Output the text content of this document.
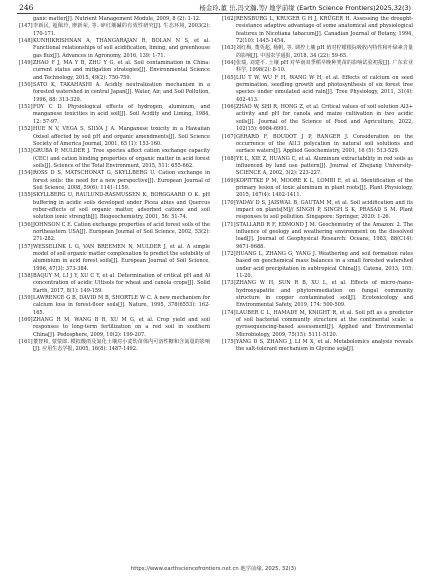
246	杨金玲,董 岳,冯文瀚,等/ 地学前缘 (Earth Science Frontiers)2025,32(3)

ganic matter[J]. Nutrient Management Module, 2009, 8 (2): 1-12.

[147] 李新民, 超佩玲, 廖新荣, 等. 碎红壤碱的有效性研究[J]. 生态环境, 2003(2): 170-171.

[148] KUNHIKRISHNAN A, THANGARAJAN R, BOLAN N S, et al. Functional relationships of soil acidification, liming, and greenhouse gas flux[J]. Advances in Agronomy, 2016, 139: 1-71.

[149] ZHAO F J, MA Y B, ZHU Y G, et al. Soil contamination in China: current status and mitigation strategies[J]. Environmental Science and Technology, 2015, 49(2): 750-759.

[150] SATO K, TAKAHASHI A. Acidity neutralization mechanism in a forested watershed in central Japan[J]. Water, Air, and Soil Pollution, 1996, 88: 313-329.

[151] FOY C D. Physiological effects of hydrogen, aluminum, and manganese toxicities in acid soil[J]. Soil Acidity and Liming, 1984, 12: 57-97.

[152] HUE N V, VEGA S, SILVA J A. Manganese toxicity in a Hawaiian Oxisol affected by soil pH and organic amendments[J]. Soil Science Society of America Journal, 2001, 65 (1): 153-160.

[153] GRUBA P, MULDER J. Tree species affect cation exchange capacity (CEC) and cation binding properties of organic matter in acid forest soils[J]. Science of the Total Environment, 2015, 511: 655-662.

[154] ROSS D S, MATSCHONAT G, SKYLLBERG U. Cation exchange in forest soils: the need for a new perspective[J]. European Journal of Soil Science, 2008, 59(6): 1141-1159.

[155] SKYLLBERG U, RAULUND-RASMUSSEN K, BORGGAARD O K. pH buffering in acidic soils developed under Picea abies and Quercus robur-effects of soil organic matter, adsorbed cations and soil solution ionic strength[J]. Biogeochemistry, 2001, 56: 51-74.

[156] JOHNSON C E. Cation exchange properties of acid forest soils of the northeastern USA[J]. European Journal of Soil Science, 2002, 53(2): 271-282.

[157] WESSELINK L G, VAN BREEMEN N, MULDER J, et al. A simple model of soil organic matter complexation to predict the solubility of aluminium in acid forest soils[J]. European Journal of Soil Science, 1996, 47(3): 373-384.

[158] BAQUY M, LI J Y, XU C Y, et al. Determination of critical pH and Al concentration of acidic Ultisols for wheat and canola crops[J]. Solid Earth, 2017, 8(1): 149-159.

[159] LAWRENCE G B, DAVID M B, SHORTLE W C. A new mechanism for calcium loss in forest-floor soils[J]. Nature, 1995, 378(6553): 162-165.

[160] ZHANG H M, WANG B R, XU M G, et al. Crop yield and soil responses to long-term fertilization on a red soil in southern China[J]. Pedosphere, 2009, 19(2): 199-207.

[161] 董智和, 蒙蒙郎. 模拟酸雨及氮化土壤对小麦幼苗体内可溶性糖和含氮量的影响[J]. 应用生态学报, 2005, 16(8): 1487-1492.

[162] RENSBURG L, KRUGER G H J, KRÜGER H. Assessing the drought-resistance adaptive advantage of some anatomical and physiological features in Nicotiana tabacum[J]. Canadian Journal of Botany, 1994, 72(10): 1445-1454.

[163] 刘红梅, 董英超, 杨帆, 等. 调控土壤 pH 值对柠檬根际吸收内特性和叶绿素含量的影响[J]. 中国农学通报, 2018, 34 (22): 59-65.

[164] 张瑞, 刘建平. 土壤 pH 对华南双季稻早晚种类苗的影响试验初报[J]. 广东农业科学, 1998(2): 8-10.

[165] LIU T W, WU F H, WANG W H, et al. Effects of calcium on seed germination, seedling growth and photosynthesis of six forest tree species under simulated acid rain[J]. Tree Physiology, 2011, 31(4): 402-413.

[166] ZHAO W, SHI R, HONG Z, et al. Critical values of soil solution Al3+ activity and pH for canola and maize cultivation in two acidic soils[J]. Journal of the Science of Food and Agriculture, 2022, 102(15): 6984-6991.

[167] GERARD F, BOUDOT J P, RANGER J. Consideration on the occurrence of the Al13 polycation in natural soil solutions and surface waters[J]. Applied Geochemistry, 2001, 16 (5): 513-529.

[168] YE L, XIE Z, HUANG C, et al. Aluminum extractability in red soils as influenced by land use pattern[J]. Journal of Zhejiang University-SCIENCE A, 2002, 3(2): 223-227.

[169] KOPITTKE P M, MOORE K L, LOMBI E, et al. Identification of the primary lesion of toxic aluminum in plant roots[J]. Plant Physiology, 2015, 167(4): 1402-1411.

[170] YADAV D S, JAISWAL B, GAUTAM M, et al. Soil acidification and its impact on plants[M]// SINGH P, SINGH S K, PRASAD S M. Plant responses to soil pollution. Singapore: Springer, 2020: 1-26.

[171] STALLARD R F, EDMOND J M. Geochemistry of the Amazon: 2. The influence of geology and weathering environment on the dissolved load[J]. Journal of Geophysical Research: Oceans, 1983, 88(C14): 9671-9688.

[172] HUANG L, ZHANG G, YANG J. Weathering and soil formation rates based on geochemical mass balances in a small forested watershed under acid precipitation in subtropical China[J]. Catena, 2013, 105: 11-20.

[173] ZHANG W H, SUN R B, XU L, et al. Effects of micro-/nano-hydroxyapatite and phytoremediation on fungal community structure in copper contaminated soil[J]. Ecotoxicology and Environmental Safety, 2019, 174: 500-509.

[174] LAUBER C L, HAMADY M, KNIGHT R, et al. Soil pH as a predictor of soil bacterial community structure at the continental scale: a pyrosequencing-based assessment[J]. Applied and Environmental Microbiology, 2009, 75(15): 5111-5120.

[175] YANG D S, ZHANG J, LI M X, et al. Metabolomics analysis reveals the salt-tolerant mechanism in Glycine soja[J].

https://www.earthsciencefrontiers.net.cn 地学前缘, 2025, 32(3)
